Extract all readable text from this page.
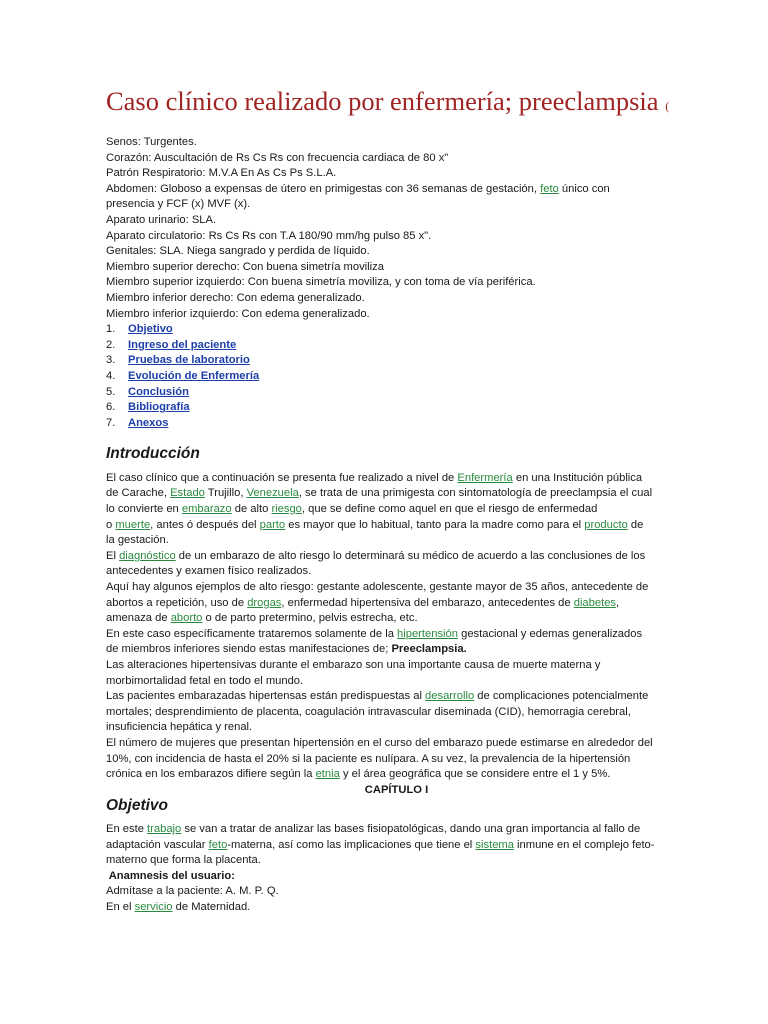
Caso clínico realizado por enfermería; preeclampsia (

Senos: Turgentes.

Corazón: Auscultación de Rs Cs Rs con frecuencia cardiaca de 80 x"

Patrón Respiratorio: M.V.A En As Cs Ps S.L.A.

Abdomen: Globoso a expensas de útero en primigestas con 36 semanas de gestación, feto único con

presencia y FCF (x) MVF (x).

Aparato urinario: SLA.

Aparato circulatorio: Rs Cs Rs con T.A 180/90 mm/hg pulso 85 x".

Genitales: SLA. Niega sangrado y perdida de líquido.

Miembro superior derecho: Con buena simetría moviliza

Miembro superior izquierdo: Con buena simetría moviliza, y con toma de vía periférica.

Miembro inferior derecho: Con edema generalizado.

Miembro inferior izquierdo: Con edema generalizado.

1.	Objetivo
2.	Ingreso del paciente
3.	Pruebas de laboratorio
4.	Evolución de Enfermería
5.	Conclusión
6.	Bibliografía
7.	Anexos
Introducción

El caso clínico que a continuación se presenta fue realizado a nivel de Enfermería en una Institución pública

de Carache, Estado Trujillo, Venezuela, se trata de una primigesta con sintomatología de preeclampsia el cual

lo convierte en embarazo de alto riesgo, que se define como aquel en que el riesgo de enfermedad

o muerte, antes ó después del parto es mayor que lo habitual, tanto para la madre como para el producto de

la gestación.

El diagnóstico de un embarazo de alto riesgo lo determinará su médico de acuerdo a las conclusiones de los

antecedentes y examen físico realizados.

Aquí hay algunos ejemplos de alto riesgo: gestante adolescente, gestante mayor de 35 años, antecedente de

abortos a repetición, uso de drogas, enfermedad hipertensiva del embarazo, antecedentes de diabetes,

amenaza de aborto o de parto pretermino, pelvis estrecha, etc.

En este caso específicamente trataremos solamente de la hipertensión gestacional y edemas generalizados

de miembros inferiores siendo estas manifestaciones de; Preeclampsia.

Las alteraciones hipertensivas durante el embarazo son una importante causa de muerte materna y

morbimortalidad fetal en todo el mundo.

Las pacientes embarazadas hipertensas están predispuestas al desarrollo de complicaciones potencialmente

mortales; desprendimiento de placenta, coagulación intravascular diseminada (CID), hemorragia cerebral,

insuficiencia hepática y renal.

El número de mujeres que presentan hipertensión en el curso del embarazo puede estimarse en alrededor del

10%, con incidencia de hasta el 20% si la paciente es nulípara. A su vez, la prevalencia de la hipertensión

crónica en los embarazos difiere según la etnia y el área geográfica que se considere entre el 1 y 5%.

CAPÍTULO I

Objetivo

En este trabajo se van a tratar de analizar las bases fisiopatológicas, dando una gran importancia al fallo de

adaptación vascular feto-materna, así como las implicaciones que tiene el sistema inmune en el complejo feto-

materno que forma la placenta.

Anamnesis del usuario:

Admítase a la paciente: A. M. P. Q.

En el servicio de Maternidad.
